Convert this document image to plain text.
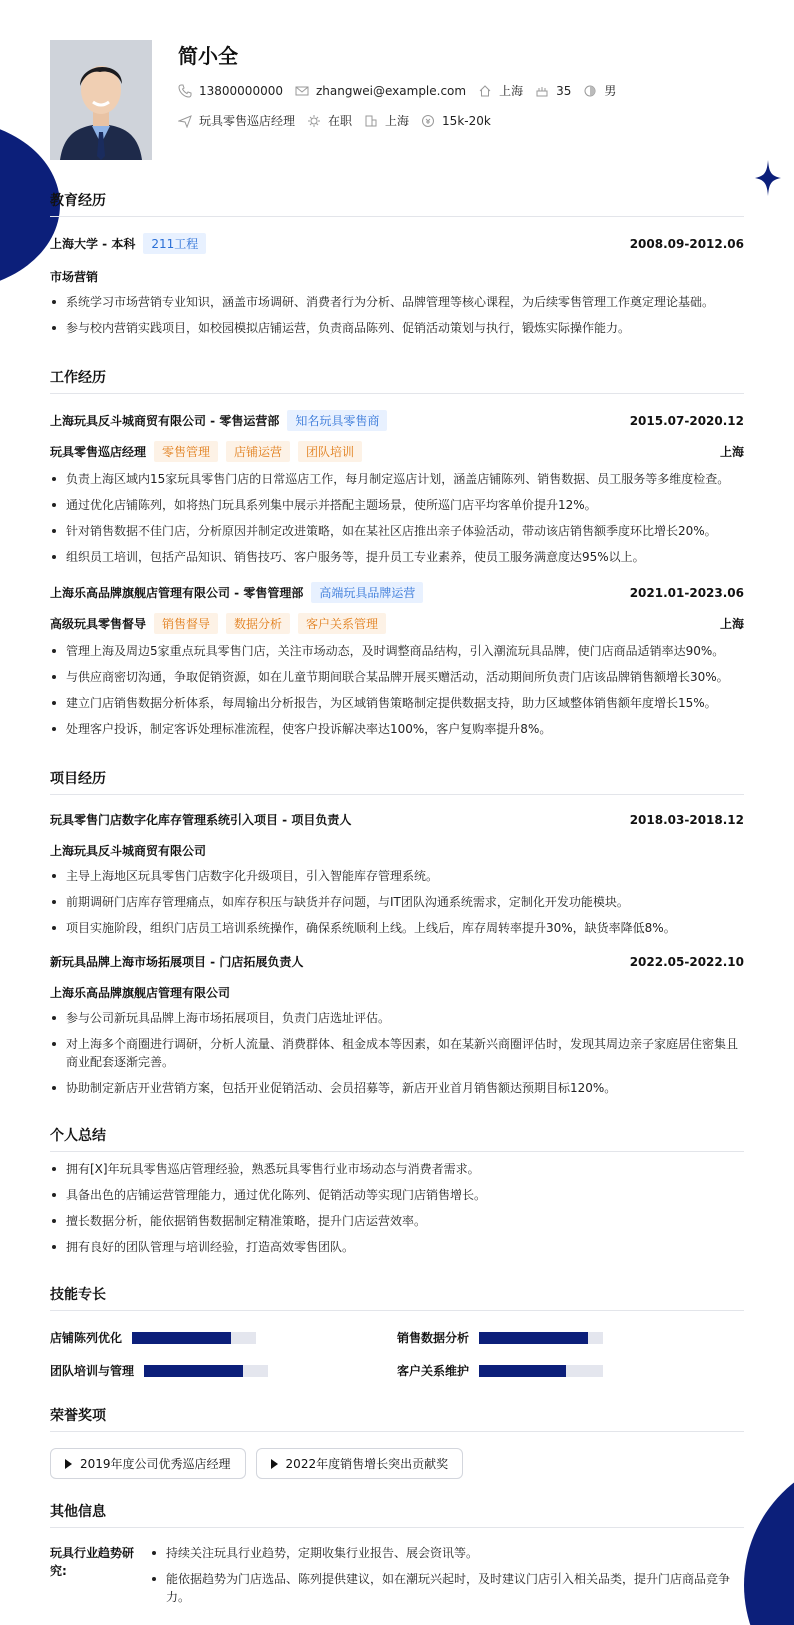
简小全
13800000000	zhangwei@example.com	上海	35	男
玩具零售巡店经理	在职	上海	15k-20k
教育经历
上海大学 - 本科	211工程	2008.09-2012.06
市场营销
系统学习市场营销专业知识，涵盖市场调研、消费者行为分析、品牌管理等核心课程，为后续零售管理工作奠定理论基础。
参与校内营销实践项目，如校园模拟店铺运营，负责商品陈列、促销活动策划与执行，锻炼实际操作能力。
工作经历
上海玩具反斗城商贸有限公司 - 零售运营部	知名玩具零售商	2015.07-2020.12
玩具零售巡店经理	零售管理	店铺运营	团队培训	上海
负责上海区域内15家玩具零售门店的日常巡店工作，每月制定巡店计划，涵盖店铺陈列、销售数据、员工服务等多维度检查。
通过优化店铺陈列，如将热门玩具系列集中展示并搭配主题场景，使所巡门店平均客单价提升12%。
针对销售数据不佳门店，分析原因并制定改进策略，如在某社区店推出亲子体验活动，带动该店销售额季度环比增长20%。
组织员工培训，包括产品知识、销售技巧、客户服务等，提升员工专业素养，使员工服务满意度达95%以上。
上海乐高品牌旗舰店管理有限公司 - 零售管理部	高端玩具品牌运营	2021.01-2023.06
高级玩具零售督导	销售督导	数据分析	客户关系管理	上海
管理上海及周边5家重点玩具零售门店，关注市场动态，及时调整商品结构，引入潮流玩具品牌，使门店商品适销率达90%。
与供应商密切沟通，争取促销资源，如在儿童节期间联合某品牌开展买赠活动，活动期间所负责门店该品牌销售额增长30%。
建立门店销售数据分析体系，每周输出分析报告，为区域销售策略制定提供数据支持，助力区域整体销售额年度增长15%。
处理客户投诉，制定客诉处理标准流程，使客户投诉解决率达100%，客户复购率提升8%。
项目经历
玩具零售门店数字化库存管理系统引入项目 - 项目负责人	2018.03-2018.12
上海玩具反斗城商贸有限公司
主导上海地区玩具零售门店数字化升级项目，引入智能库存管理系统。
前期调研门店库存管理痛点，如库存积压与缺货并存问题，与IT团队沟通系统需求，定制化开发功能模块。
项目实施阶段，组织门店员工培训系统操作，确保系统顺利上线。上线后，库存周转率提升30%，缺货率降低8%。
新玩具品牌上海市场拓展项目 - 门店拓展负责人	2022.05-2022.10
上海乐高品牌旗舰店管理有限公司
参与公司新玩具品牌上海市场拓展项目，负责门店选址评估。
对上海多个商圈进行调研，分析人流量、消费群体、租金成本等因素，如在某新兴商圈评估时，发现其周边亲子家庭居住密集且商业配套逐渐完善。
协助制定新店开业营销方案，包括开业促销活动、会员招募等，新店开业首月销售额达预期目标120%。
个人总结
拥有[X]年玩具零售巡店管理经验，熟悉玩具零售行业市场动态与消费者需求。
具备出色的店铺运营管理能力，通过优化陈列、促销活动等实现门店销售增长。
擅长数据分析，能依据销售数据制定精准策略，提升门店运营效率。
拥有良好的团队管理与培训经验，打造高效零售团队。
技能专长
店铺陈列优化	销售数据分析
团队培训与管理	客户关系维护
荣誉奖项
2019年度公司优秀巡店经理	2022年度销售增长突出贡献奖
其他信息
玩具行业趋势研究:
持续关注玩具行业趋势，定期收集行业报告、展会资讯等。
能依据趋势为门店选品、陈列提供建议，如在潮玩兴起时，及时建议门店引入相关品类，提升门店商品竞争力。
